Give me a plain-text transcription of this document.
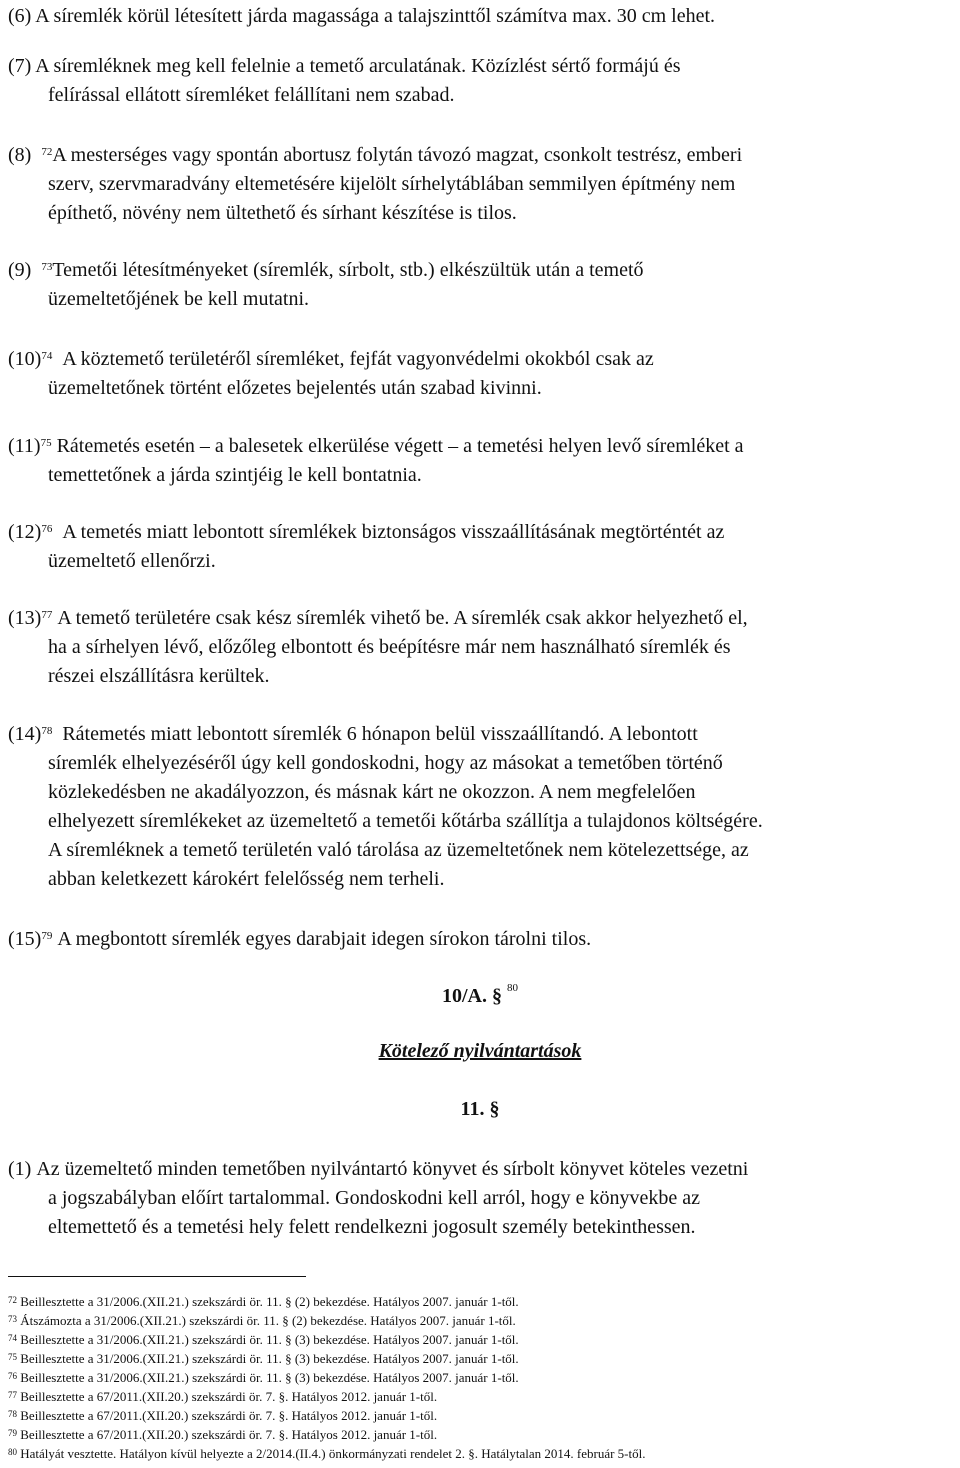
(6) A síremlék körül létesített járda magassága a talajszinttől számítva max. 30 cm lehet.
(7) A síremléknek meg kell felelnie a temető arculatának. Közízlést sértő formájú és
felírással ellátott síremléket felállítani nem szabad.
(8) $^{72}$A mesterséges vagy spontán abortusz folytán távozó magzat, csonkolt testrész, emberi
szerv, szervmaradvány eltemetésére kijelölt sírhelytáblában semmilyen építmény nem
építhető, növény nem ültethető és sírhant készítése is tilos.
(9) $^{73}$Temetői létesítményeket (síremlék, sírbolt, stb.) elkészültük után a temető
üzemeltetőjének be kell mutatni.
$(10)^{74}$ A köztemető területéről síremléket, fejfát vagyonvédelmi okokból csak az
üzemeltetőnek történt előzetes bejelentés után szabad kivinni.
$(11)^{75}$ Rátemetés esetén – a balesetek elkerülése végett – a temetési helyen levő síremléket a
temettetőnek a járda szintjéig le kell bontatnia.
$(12)^{76}$ A temetés miatt lebontott síremlékek biztonságos visszaállításának megtörténtét az
üzemeltető ellenőrzi.
$(13)^{77}$ A temető területére csak kész síremlék vihető be. A síremlék csak akkor helyezhető el,
ha a sírhelyen lévő, előzőleg elbontott és beépítésre már nem használható síremlék és
részei elszállításra kerültek.
$(14)^{78}$ Rátemetés miatt lebontott síremlék 6 hónapon belül visszaállítandó. A lebontott
síremlék elhelyezéséről úgy kell gondoskodni, hogy az másokat a temetőben történő
közlekedésben ne akadályozzon, és másnak kárt ne okozzon. A nem megfelelően
elhelyezett síremlékeket az üzemeltető a temetői kőtárba szállítja a tulajdonos költségére.
A síremléknek a temető területén való tárolása az üzemeltetőnek nem kötelezettsége, az
abban keletkezett károkért felelősség nem terheli.
$(15)^{79}$ A megbontott síremlék egyes darabjait idegen sírokon tárolni tilos.
10/A. § $^{80}$
Kötelező nyilvántartások
11. §
(1) Az üzemeltető minden temetőben nyilvántartó könyvet és sírbolt könyvet köteles vezetni
a jogszabályban előírt tartalommal. Gondoskodni kell arról, hogy e könyvekbe az
eltemettető és a temetési hely felett rendelkezni jogosult személy betekinthessen.
$^{72}$ Beillesztette a 31/2006.(XII.21.) szekszárdi ör. 11. § (2) bekezdése. Hatályos 2007. január 1-től.
$^{73}$ Átszámozta a 31/2006.(XII.21.) szekszárdi ör. 11. § (2) bekezdése. Hatályos 2007. január 1-től.
$^{74}$ Beillesztette a 31/2006.(XII.21.) szekszárdi ör. 11. § (3) bekezdése. Hatályos 2007. január 1-től.
$^{75}$ Beillesztette a 31/2006.(XII.21.) szekszárdi ör. 11. § (3) bekezdése. Hatályos 2007. január 1-től.
$^{76}$ Beillesztette a 31/2006.(XII.21.) szekszárdi ör. 11. § (3) bekezdése. Hatályos 2007. január 1-től.
$^{77}$ Beillesztette a 67/2011.(XII.20.) szekszárdi ör. 7. §. Hatályos 2012. január 1-től.
$^{78}$ Beillesztette a 67/2011.(XII.20.) szekszárdi ör. 7. §. Hatályos 2012. január 1-től.
$^{79}$ Beillesztette a 67/2011.(XII.20.) szekszárdi ör. 7. §. Hatályos 2012. január 1-től.
$^{80}$ Hatályát vesztette. Hatályon kívül helyezte a 2/2014.(II.4.) önkormányzati rendelet 2. §. Hatálytalan 2014. február 5-től.
